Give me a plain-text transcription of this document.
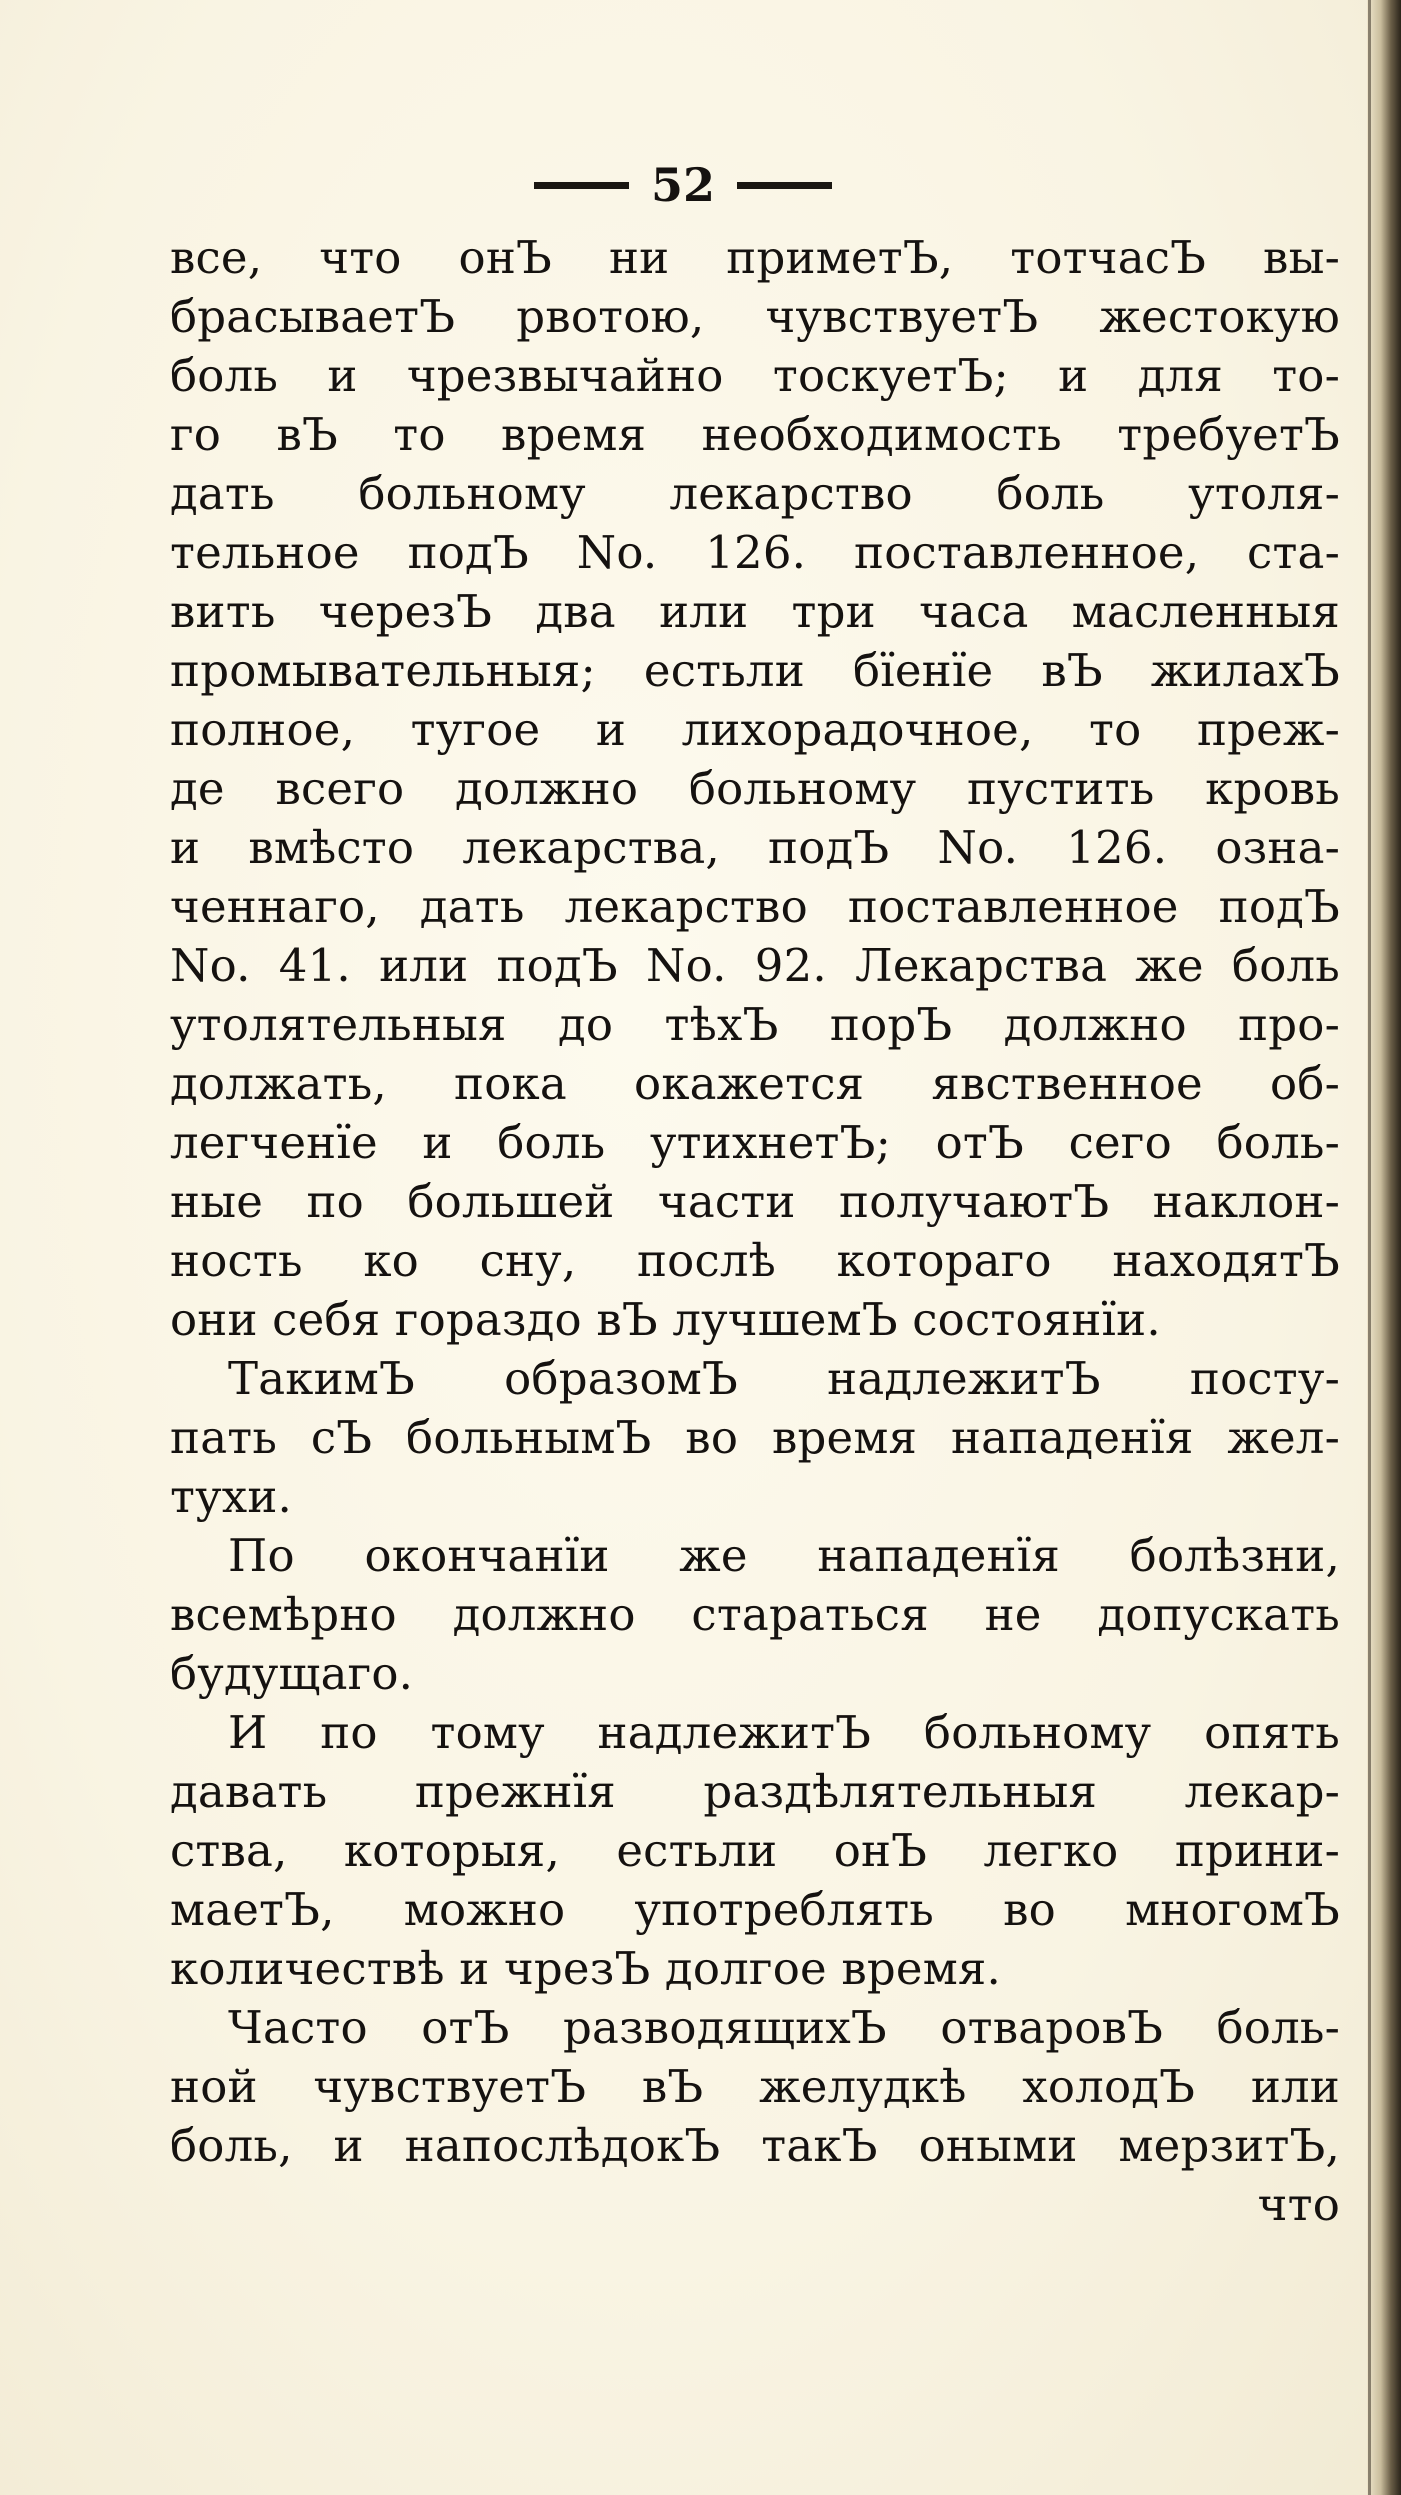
52
все, что онЪ ни приметЪ, тотчасЪ вы-
брасываетЪ рвотою, чувствуетЪ жестокую
боль и чрезвычайно тоскуетЪ; и для то-
го вЪ то время необходимость требуетЪ
дать больному лекарство боль утоля-
тельное подЪ No. 126. поставленное, ста-
вить черезЪ два или три часа масленныя
промывательныя; естьли бïенïе вЪ жилахЪ
полное, тугое и лихорадочное, то преж-
де всего должно больному пустить кровь
и вмѣсто лекарства, подЪ No. 126. озна-
ченнаго, дать лекарство поставленное подЪ
No. 41. или подЪ No. 92. Лекарства же боль
утолятельныя до тѣхЪ порЪ должно про-
должать, пока окажется явственное об-
легченïе и боль утихнетЪ; отЪ сего боль-
ные по большей части получаютЪ наклон-
ность ко сну, послѣ котораго находятЪ
они себя гораздо вЪ лучшемЪ состоянïи.
ТакимЪ образомЪ надлежитЪ посту-
пать сЪ больнымЪ во время нападенïя жел-
тухи.
По окончанïи же нападенïя болѣзни,
всемѣрно должно стараться не допускать
будущаго.
И по тому надлежитЪ больному опять
давать прежнïя раздѣлятельныя лекар-
ства, которыя, естьли онЪ легко прини-
маетЪ, можно употреблять во многомЪ
количествѣ и чрезЪ долгое время.
Часто отЪ разводящихЪ отваровЪ боль-
ной чувствуетЪ вЪ желудкѣ холодЪ или
боль, и напослѣдокЪ такЪ оными мерзитЪ,
что
